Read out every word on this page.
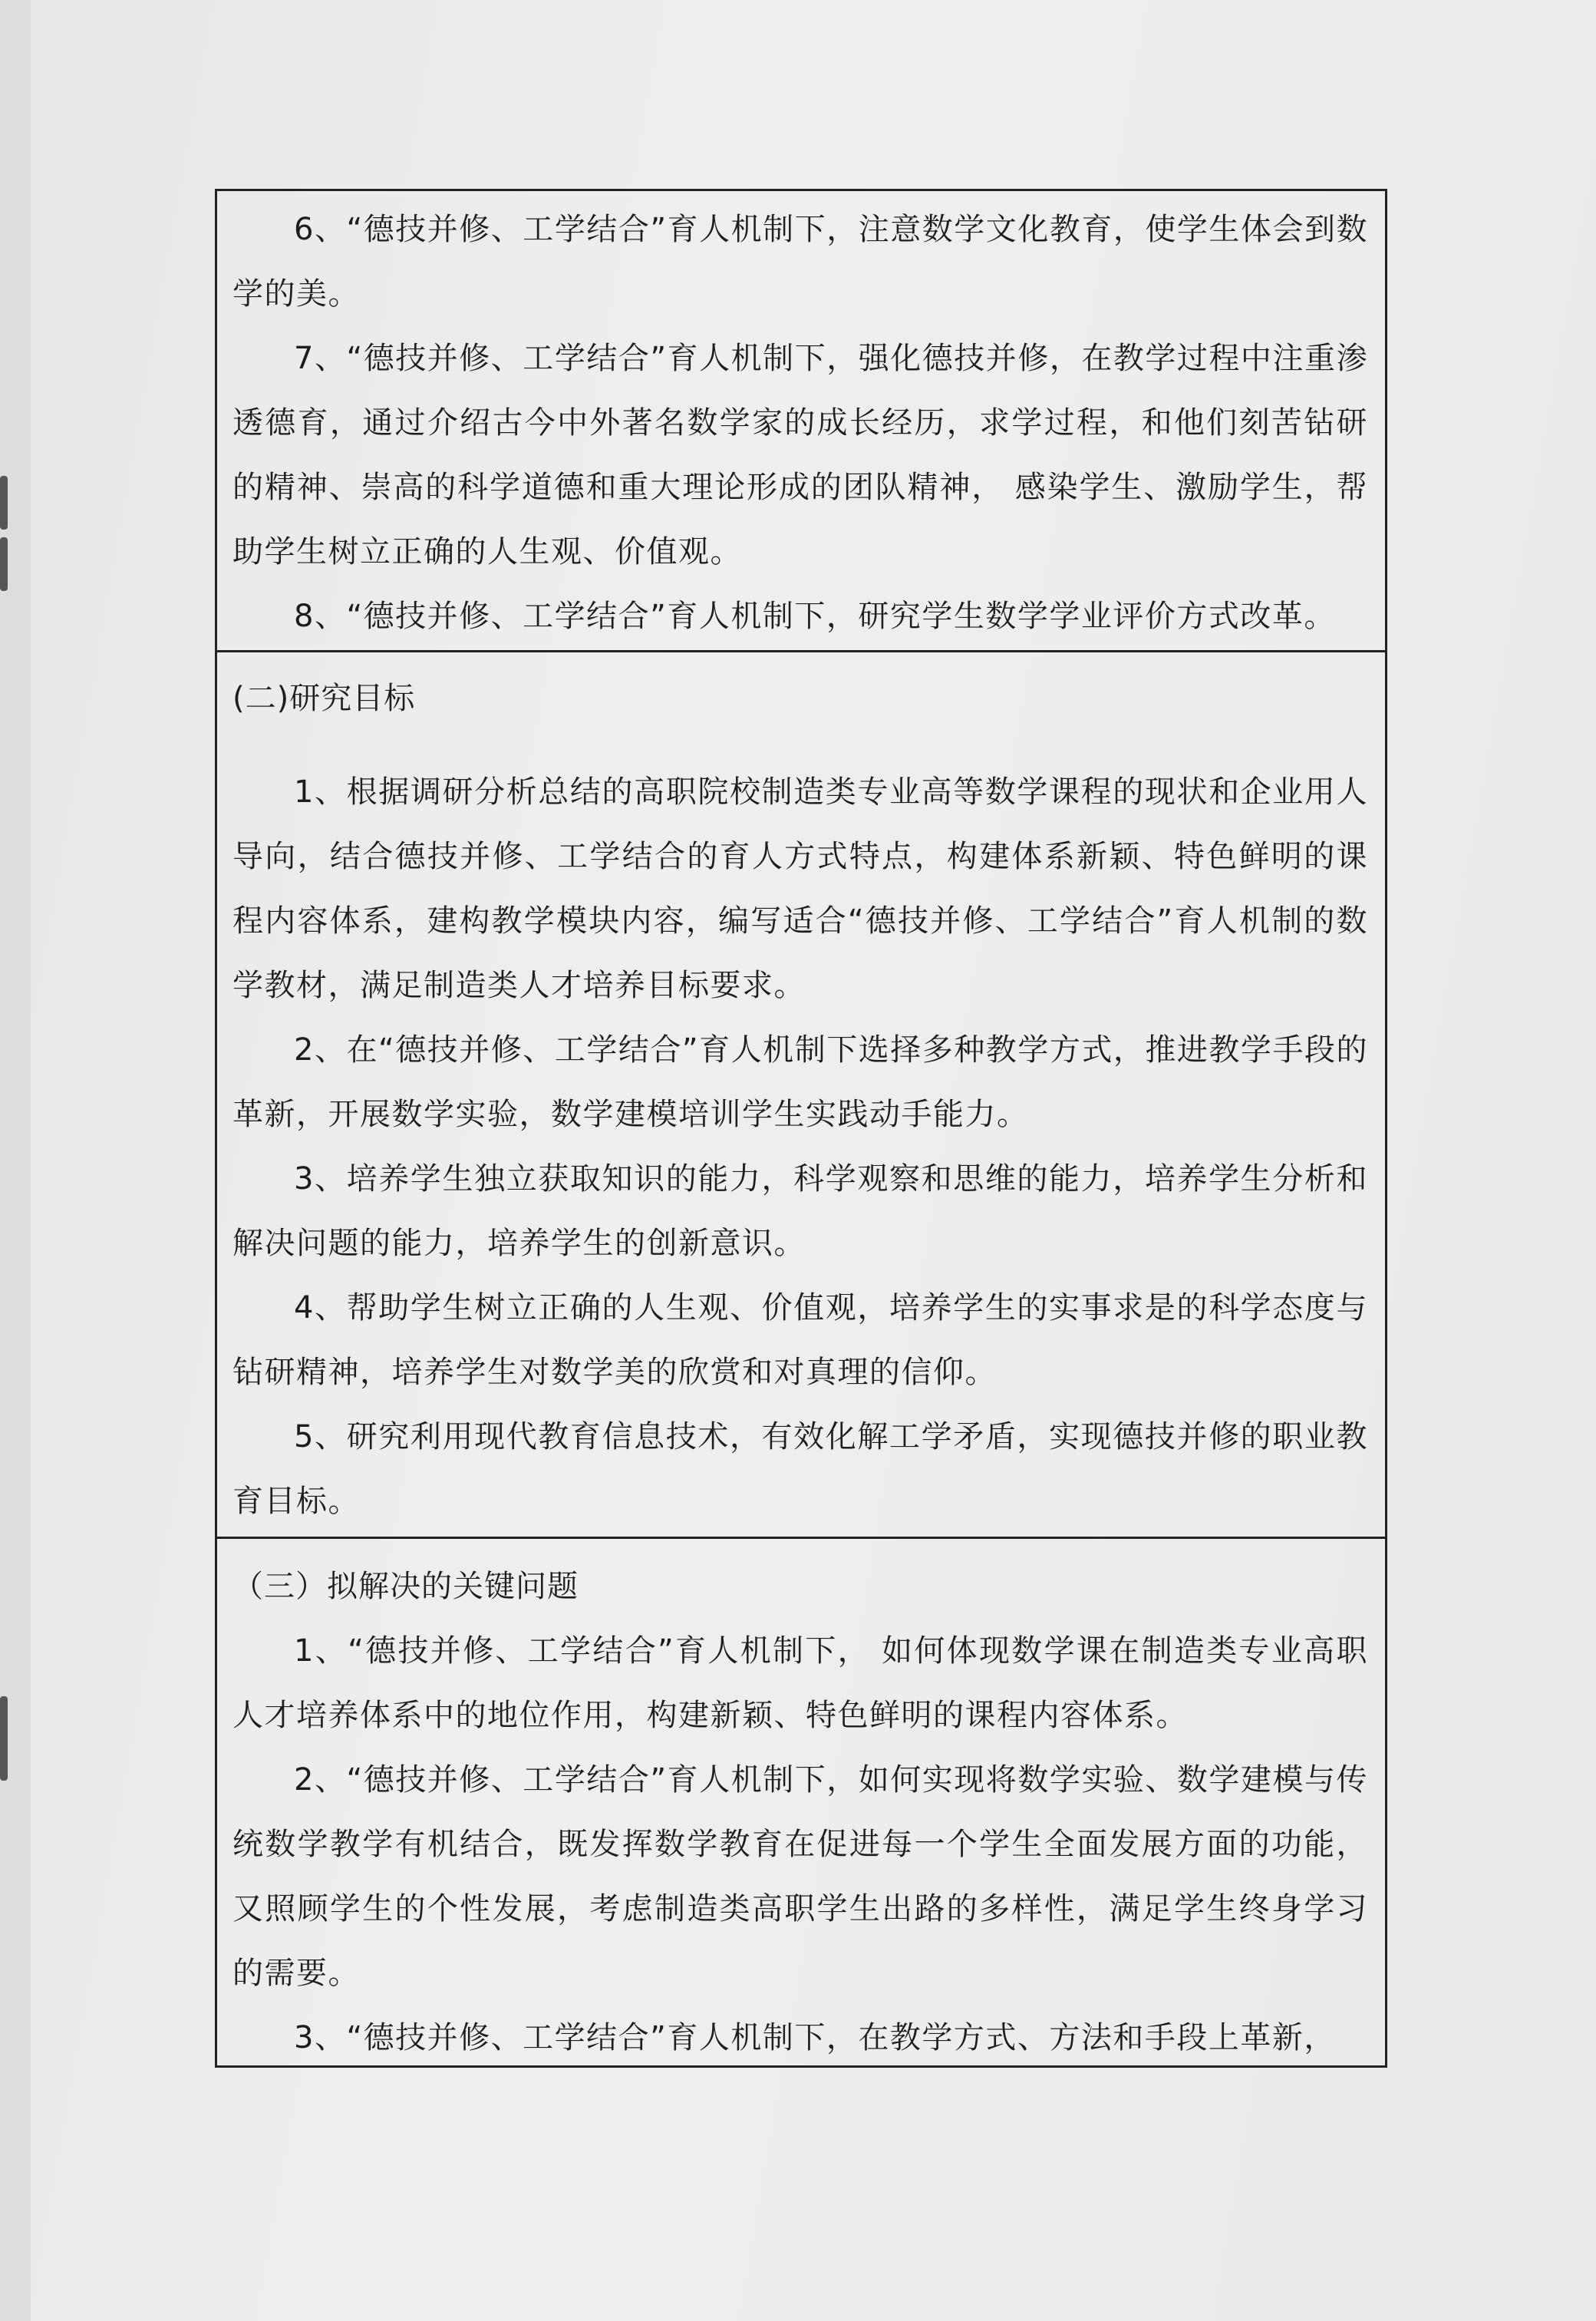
6、“德技并修、工学结合”育人机制下，注意数学文化教育，使学生体会到数学的美。

7、“德技并修、工学结合”育人机制下，强化德技并修，在教学过程中注重渗透德育，通过介绍古今中外著名数学家的成长经历，求学过程，和他们刻苦钻研的精神、崇高的科学道德和重大理论形成的团队精神， 感染学生、激励学生，帮助学生树立正确的人生观、价值观。

8、“德技并修、工学结合”育人机制下，研究学生数学学业评价方式改革。

(二)研究目标

1、根据调研分析总结的高职院校制造类专业高等数学课程的现状和企业用人导向，结合德技并修、工学结合的育人方式特点，构建体系新颖、特色鲜明的课程内容体系，建构教学模块内容，编写适合“德技并修、工学结合”育人机制的数学教材，满足制造类人才培养目标要求。

2、在“德技并修、工学结合”育人机制下选择多种教学方式，推进教学手段的革新，开展数学实验，数学建模培训学生实践动手能力。

3、培养学生独立获取知识的能力，科学观察和思维的能力，培养学生分析和解决问题的能力，培养学生的创新意识。

4、帮助学生树立正确的人生观、价值观，培养学生的实事求是的科学态度与钻研精神，培养学生对数学美的欣赏和对真理的信仰。

5、研究利用现代教育信息技术，有效化解工学矛盾，实现德技并修的职业教育目标。

（三）拟解决的关键问题

1、“德技并修、工学结合”育人机制下， 如何体现数学课在制造类专业高职人才培养体系中的地位作用，构建新颖、特色鲜明的课程内容体系。

2、“德技并修、工学结合”育人机制下，如何实现将数学实验、数学建模与传统数学教学有机结合，既发挥数学教育在促进每一个学生全面发展方面的功能，又照顾学生的个性发展，考虑制造类高职学生出路的多样性，满足学生终身学习的需要。

3、“德技并修、工学结合”育人机制下，在教学方式、方法和手段上革新，
